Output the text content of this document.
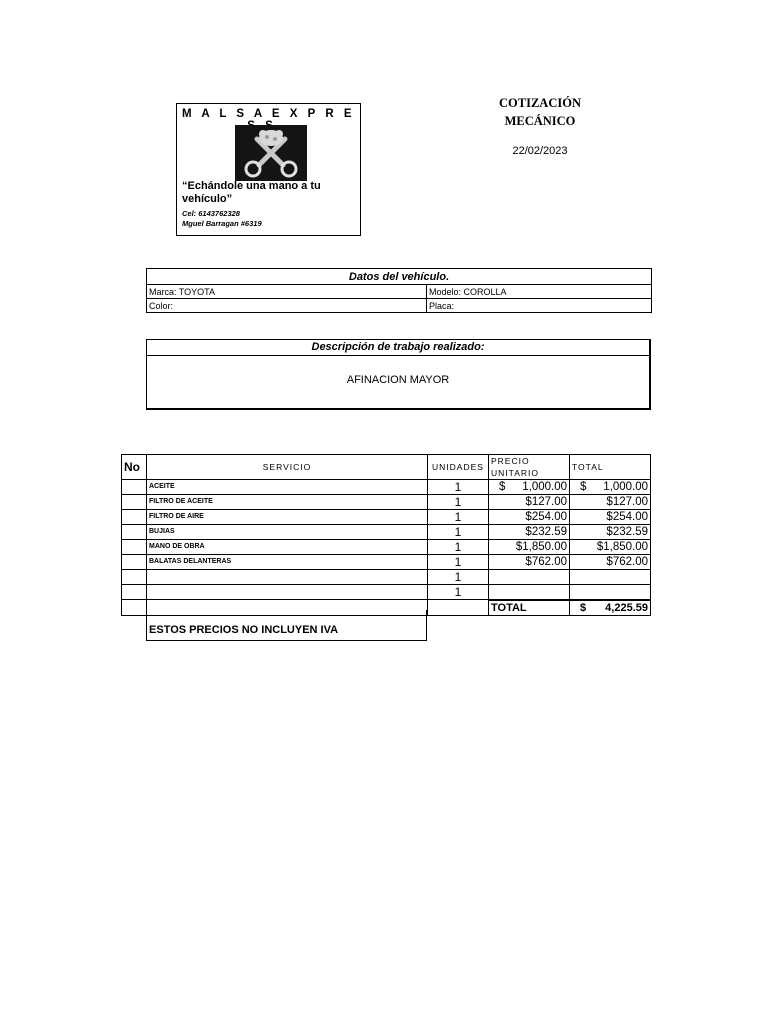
M A L S A E X P R E
“Echándole una mano a tu vehículo”
Cel: 6143762328
Mguel Barragan #6319
COTIZACIÓN
MECÁNICO
22/02/2023
Datos del vehículo.	
Marca: TOYOTA	Modelo: COROLLA
Color:	Placa:
Descripción de trabajo realizado:
AFINACION MAYOR
No	SERVICIO	UNIDADES	PRECIO UNITARIO	TOTAL
	ACEITE	1	$ 1,000.00	$ 1,000.00
	FILTRO DE ACEITE	1	$127.00	$127.00
	FILTRO DE AIRE	1	$254.00	$254.00
	BUJIAS	1	$232.59	$232.59
	MANO DE OBRA	1	$1,850.00	$1,850.00
	BALATAS DELANTERAS	1	$762.00	$762.00
		1	

		1	

			TOTAL	$ 4,225.59
ESTOS PRECIOS NO INCLUYEN IVA
